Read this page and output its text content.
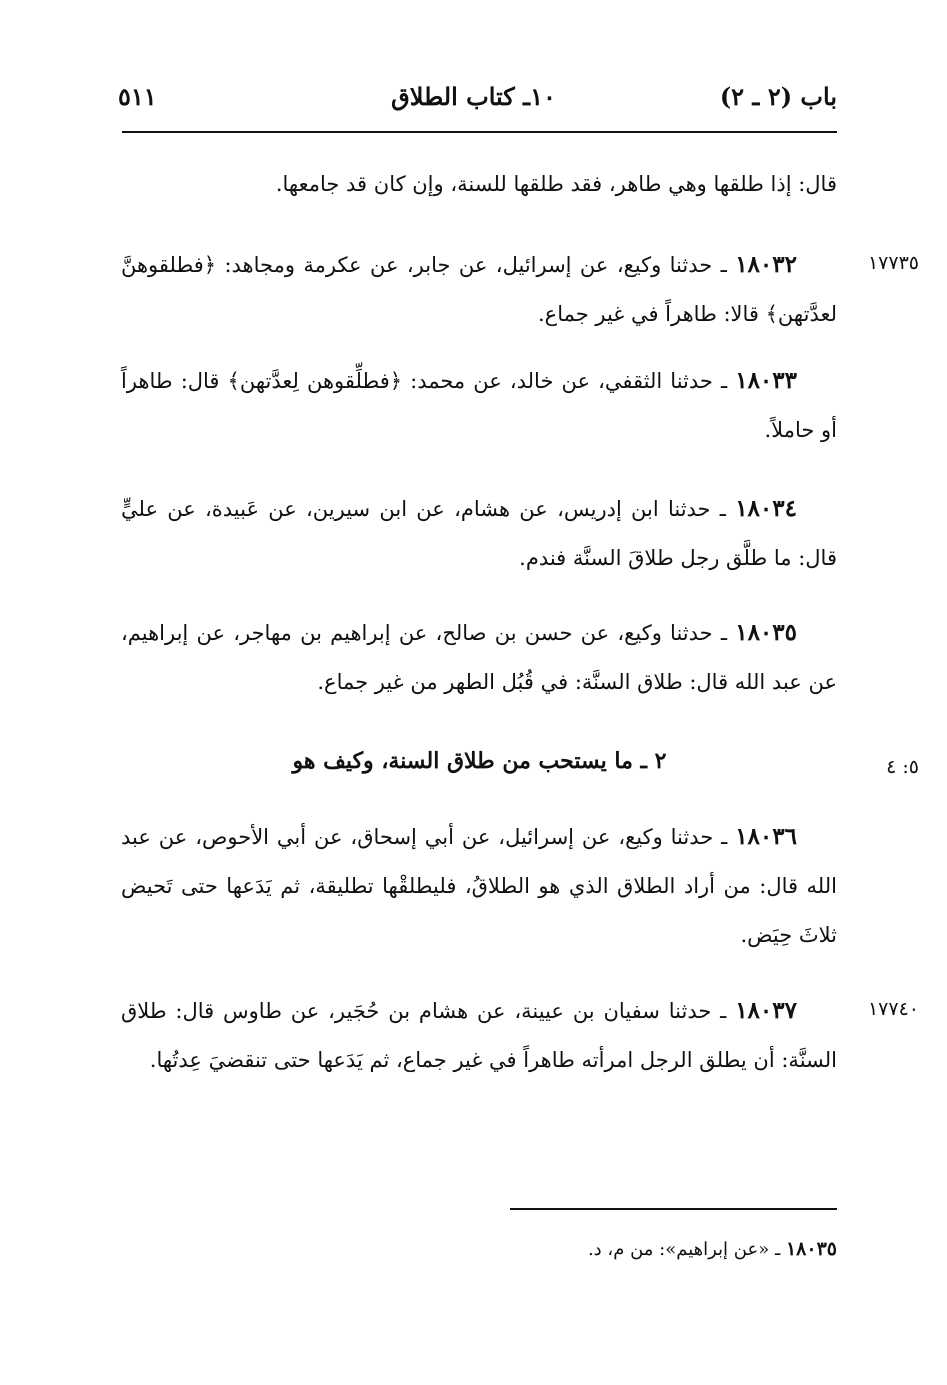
باب (٢ ـ ٢)
١٠ـ كتاب الطلاق
٥١١
قال: إذا طلقها وهي طاهر، فقد طلقها للسنة، وإن كان قد جامعها.
١٨٠٣٢ ـ حدثنا وكيع، عن إسرائيل، عن جابر، عن عكرمة ومجاهد: ﴿فطلقوهنَّ لعدَّتهن﴾ قالا: طاهراً في غير جماع.
١٧٧٣٥
١٨٠٣٣ ـ حدثنا الثقفي، عن خالد، عن محمد: ﴿فطلِّقوهن لِعدَّتهن﴾ قال: طاهراً أو حاملاً.
١٨٠٣٤ ـ حدثنا ابن إدريس، عن هشام، عن ابن سيرين، عن عَبيدة، عن عليٍّ قال: ما طلَّق رجل طلاقَ السنَّة فندم.
١٨٠٣٥ ـ حدثنا وكيع، عن حسن بن صالح، عن إبراهيم بن مهاجر، عن إبراهيم، عن عبد الله قال: طلاق السنَّة: في قُبُل الطهر من غير جماع.
٢ ـ ما يستحب من طلاق السنة، وكيف هو	٥: ٤
١٨٠٣٦ ـ حدثنا وكيع، عن إسرائيل، عن أبي إسحاق، عن أبي الأحوص، عن عبد الله قال: من أراد الطلاق الذي هو الطلاقُ، فليطلقْها تطليقة، ثم يَدَعها حتى تَحيض ثلاثَ حِيَض.
١٨٠٣٧ ـ حدثنا سفيان بن عيينة، عن هشام بن حُجَير، عن طاوس قال: طلاق السنَّة: أن يطلق الرجل امرأته طاهراً في غير جماع، ثم يَدَعها حتى تنقضيَ عِدتُها.
١٧٧٤٠
١٨٠٣٥ ـ «عن إبراهيم»: من م، د.
